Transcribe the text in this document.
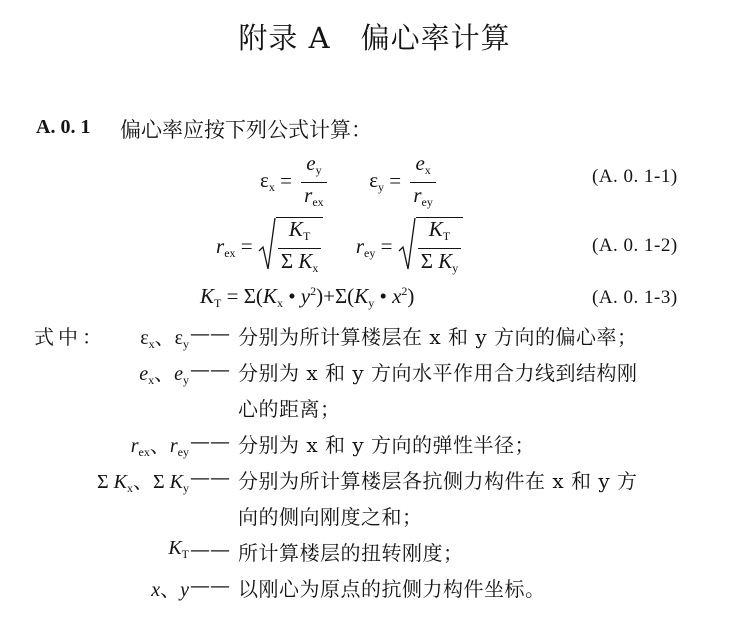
附录 A　偏心率计算
A. 0. 1 偏心率应按下列公式计算：
$\varepsilon_x = \frac{e_y}{r_{ex}} \varepsilon_y = \frac{e_x}{r_{ey}}$	(A. 0. 1-1)
$r_{ex} = \frac{K_T}{\Sigma K_x} r_{ey} = \frac{K_T}{\Sigma K_y}$	(A. 0. 1-2)
$K_T = \Sigma(K_x$ • $y^2)+\Sigma(K_y$ • $x^2$)	(A. 0. 1-3)
式中： $\varepsilon_x$、$\varepsilon_y$ —— 分别为所计算楼层在 x 和 y 方向的偏心率；
$e_x$、$e_y$ —— 分别为 x 和 y 方向水平作用合力线到结构刚
心的距离；
$r_{ex}$、$r_{ey}$ —— 分别为 x 和 y 方向的弹性半径；
Σ $K_x$、Σ $K_y$ —— 分别为所计算楼层各抗侧力构件在 x 和 y 方
向的侧向刚度之和；
$K_T$ —— 所计算楼层的扭转刚度；
x、y —— 以刚心为原点的抗侧力构件坐标。
